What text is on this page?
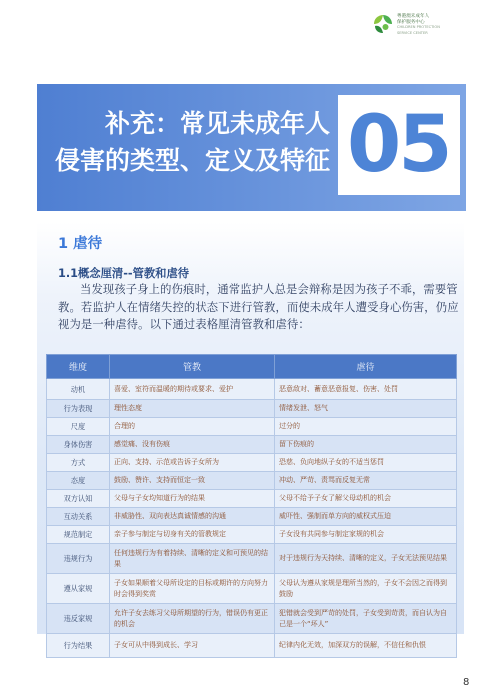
粤港澳未成年人
保护服务中心
CHILDREN PROTECTION
SERVICE CENTER
补充：常见未成年人
侵害的类型、定义及特征 05
1 虐待
1.1概念厘清--管教和虐待
当发现孩子身上的伤痕时，通常监护人总是会辩称是因为孩子不乖，需要管教。若监护人在情绪失控的状态下进行管教，而使未成年人遭受身心伤害，仍应视为是一种虐待。以下通过表格厘清管教和虐待：
维度	管教	虐待
动机	喜爱、室符而温暖的期待或要求、爱护	恶意敌对、蓄意恶意报复、伤害、处罚
行为表现	理性态度	情绪发泄、怒气
尺度	合理的	过分的
身体伤害	感觉痛、没有伤痕	留下伤痕的
方式	正向、支持、示范或告诉子女所为	恐慈、负向地纵子女的不适当惩罚
态度	鼓励、赞许、支持而恒定一致	冲动、严苛、责骂而反复无常
双方认知	父母与子女均知道行为的结果	父母不给予子女了解父母动机的机会
互动关系	非威胁性、双向表达真诚情感的沟通	威吓性、强制而单方向的威权式压迫
规范制定	亲子参与制定与切身有关的管教规定	子女没有共同参与制定家规的机会
违规行为	任何违规行为有着持续、清晰的定义和可预见的结果	对于违规行为天持续、清晰的定义，子女无法预见结果
遵从家规	子女如果顺着父母所设定的目标或期许的方向努力时会得到奖赏	父母认为遵从家规是理所当然的，子女不会因之而得到鼓励
违反家规	允许子女去练习父母所期望的行为，错误仍有更正的机会	犯错就会受到严苛的处罚，子女受到苛责，而自认为自己是一个“坏人”
行为结果	子女可从中得到成长、学习	纪律内化无效，加深双方的误解，不信任和仇恨
8
